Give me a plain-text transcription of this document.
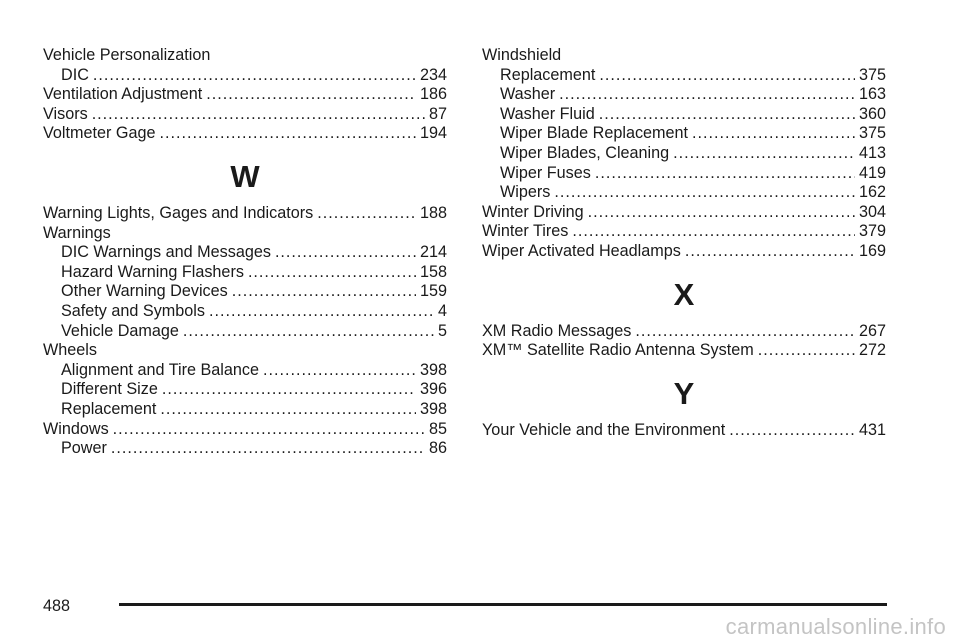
Vehicle Personalization
DIC .....	234
Ventilation Adjustment .....	186
Visors .....	87
Voltmeter Gage .....	194
W
Warning Lights, Gages and Indicators .....	188
Warnings
DIC Warnings and Messages .....	214
Hazard Warning Flashers .....	158
Other Warning Devices .....	159
Safety and Symbols .....	4
Vehicle Damage .....	5
Wheels
Alignment and Tire Balance .....	398
Different Size .....	396
Replacement .....	398
Windows .....	85
Power .....	86
Windshield
Replacement .....	375
Washer .....	163
Washer Fluid .....	360
Wiper Blade Replacement .....	375
Wiper Blades, Cleaning .....	413
Wiper Fuses .....	419
Wipers .....	162
Winter Driving .....	304
Winter Tires .....	379
Wiper Activated Headlamps .....	169
X
XM Radio Messages .....	267
XM™ Satellite Radio Antenna System .....	272
Y
Your Vehicle and the Environment .....	431
488
carmanualsonline.info
